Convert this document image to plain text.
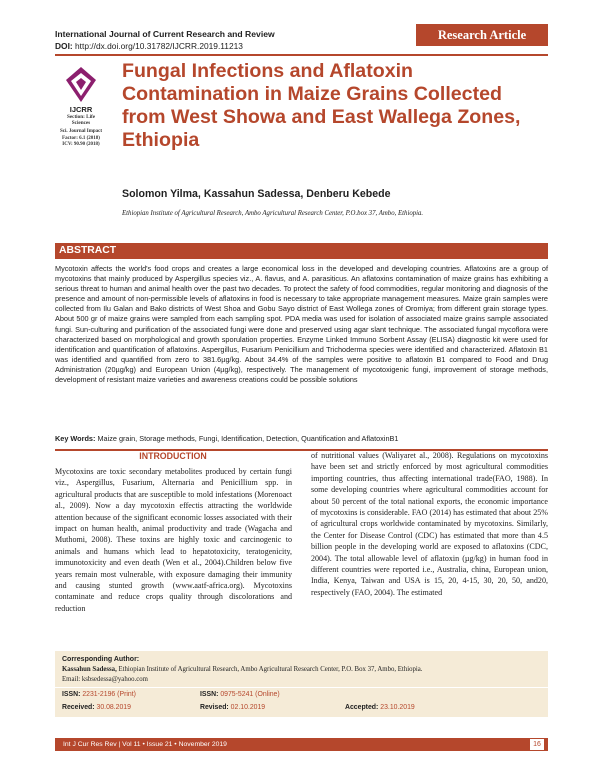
International Journal of Current Research and Review
DOI: http://dx.doi.org/10.31782/IJCRR.2019.11213
Research Article
IJCRR
Section: Life
Sciences
Sci. Journal Impact
Factor: 6.1 (2018)
ICV: 90.90 (2018)
Fungal Infections and Aflatoxin Contamination in Maize Grains Collected from West Showa and East Wallega Zones, Ethiopia
Solomon Yilma, Kassahun Sadessa, Denberu Kebede
Ethiopian Institute of Agricultural Research, Ambo Agricultural Research Center, P.O.box 37, Ambo, Ethiopia.
ABSTRACT
Mycotoxin affects the world's food crops and creates a large economical loss in the developed and developing countries. Aflatoxins are a group of mycotoxins that mainly produced by Aspergillus species viz., A. flavus, and A. parasiticus. An aflatoxins contamination of maize grains has exhibiting a serious threat to human and animal health over the past two decades. To protect the safety of food commodities, regular monitoring and diagnosis of the presence and amount of non-permissible levels of aflatoxins in food is necessary to take appropriate management measures. Maize grain samples were collected from Ilu Galan and Bako districts of West Shoa and Gobu Sayo district of East Wollega zones of Oromiya; from different grain storage types. About 500 gr of maize grains were sampled from each sampling spot. PDA media was used for isolation of associated maize grains sample associated fungi. Sun-culturing and purification of the associated fungi were done and preserved using agar slant technique. The associated fungal mycoflora were characterized based on morphological and growth sporulation properties. Enzyme Linked Immuno Sorbent Assay (ELISA) diagnostic kit were used for identification and quantification of aflatoxins. Aspergillus, Fusarium Penicillium and Trichoderma species were identified and characterized. Aflatoxin B1 was identified and quantified from zero to 381.6µg/kg. About 34.4% of the samples were positive to aflatoxin B1 compared to Food and Drug Administration (20µg/kg) and European Union (4µg/kg), respectively. The management of mycotoxigenic fungi, improvement of storage methods, development of resistant maize varieties and awareness creations could be possible solutions
Key Words: Maize grain, Storage methods, Fungi, Identification, Detection, Quantification and AflatoxinB1
INTRODUCTION
Mycotoxins are toxic secondary metabolites produced by certain fungi viz., Aspergillus, Fusarium, Alternaria and Penicillium spp. in agricultural products that are susceptible to mold infestations (Morenoact al., 2009). Now a day mycotoxin effectis attracting the worldwide attention because of the significant economic losses associated with their impact on human health, animal productivity and trade (Wagacha and Muthomi, 2008). These toxins are highly toxic and carcinogenic to animals and humans which lead to hepatotoxicity, teratogenicity, immunotoxicity and even death (Wen et al., 2004).Children below five years remain most vulnerable, with exposure damaging their immunity and causing stunted growth (www.aatf-africa.org). Mycotoxins contaminate and reduce crops quality through discolorations and reduction
of nutritional values (Waliyaret al., 2008). Regulations on mycotoxins have been set and strictly enforced by most agricultural commodities importing countries, thus affecting international trade(FAO, 1988). In some developing countries where agricultural commodities account for about 50 percent of the total national exports, the economic importance of mycotoxins is considerable. FAO (2014) has estimated that about 25% of agricultural crops worldwide contaminated by mycotoxins. Similarly, the Center for Disease Control (CDC) has estimated that more than 4.5 billion people in the developing world are exposed to aflatoxins (CDC, 2004). The total allowable level of aflatoxin (µg/kg) in human food in different countries were reported i.e., Australia, china, European union, India, Kenya, Taiwan and USA is 15, 20, 4-15, 30, 20, 50, and20, respectively (FAO, 2004). The estimated
Corresponding Author:
Kassahun Sadessa, Ethiopian Institute of Agricultural Research, Ambo Agricultural Research Center, P.O. Box 37, Ambo, Ethiopia.
Email: ksbsedessa@yahoo.com
ISSN: 2231-2196 (Print)	ISSN: 0975-5241 (Online)
Received: 30.08.2019	Revised: 02.10.2019	Accepted: 23.10.2019
Int J Cur Res Rev | Vol 11 • Issue 21 • November 2019	16
